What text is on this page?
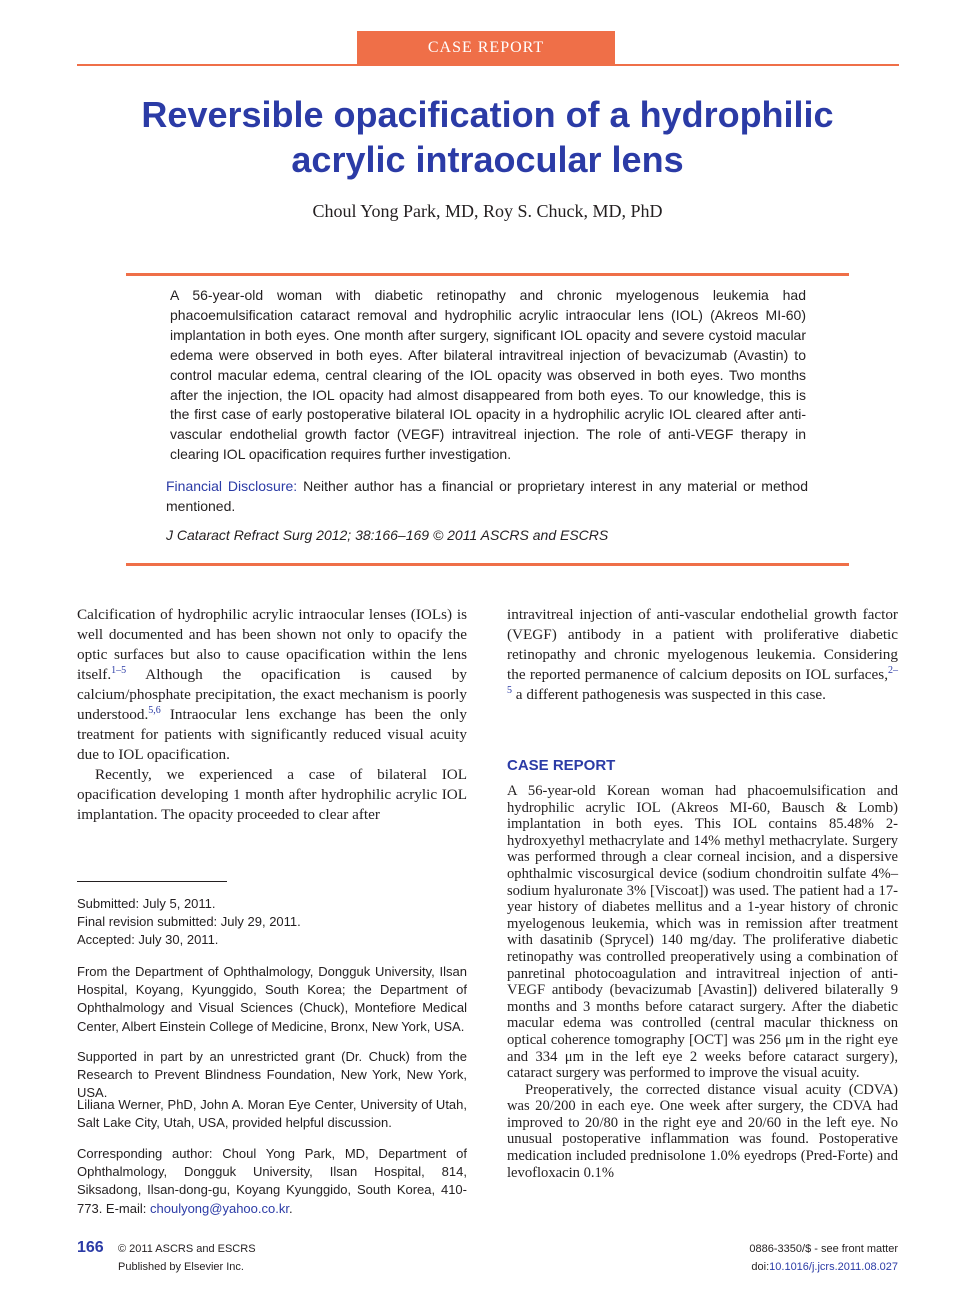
CASE REPORT
Reversible opacification of a hydrophilic acrylic intraocular lens
Choul Yong Park, MD, Roy S. Chuck, MD, PhD
A 56-year-old woman with diabetic retinopathy and chronic myelogenous leukemia had phacoemulsification cataract removal and hydrophilic acrylic intraocular lens (IOL) (Akreos MI-60) implantation in both eyes. One month after surgery, significant IOL opacity and severe cystoid macular edema were observed in both eyes. After bilateral intravitreal injection of bevacizumab (Avastin) to control macular edema, central clearing of the IOL opacity was observed in both eyes. Two months after the injection, the IOL opacity had almost disappeared from both eyes. To our knowledge, this is the first case of early postoperative bilateral IOL opacity in a hydrophilic acrylic IOL cleared after anti-vascular endothelial growth factor (VEGF) intravitreal injection. The role of anti-VEGF therapy in clearing IOL opacification requires further investigation.
Financial Disclosure: Neither author has a financial or proprietary interest in any material or method mentioned.
J Cataract Refract Surg 2012; 38:166–169 © 2011 ASCRS and ESCRS

Calcification of hydrophilic acrylic intraocular lenses (IOLs) is well documented and has been shown not only to opacify the optic surfaces but also to cause opacification within the lens itself.$^{1-5}$ Although the opacification is caused by calcium/phosphate precipitation, the exact mechanism is poorly understood.$^{5,6}$ Intraocular lens exchange has been the only treatment for patients with significantly reduced visual acuity due to IOL opacification.

Recently, we experienced a case of bilateral IOL opacification developing 1 month after hydrophilic acrylic IOL implantation. The opacity proceeded to clear after

Submitted: July 5, 2011.

Final revision submitted: July 29, 2011.

Accepted: July 30, 2011.

From the Department of Ophthalmology, Dongguk University, Ilsan Hospital, Koyang, Kyunggido, South Korea; the Department of Ophthalmology and Visual Sciences (Chuck), Montefiore Medical Center, Albert Einstein College of Medicine, Bronx, New York, USA.
Supported in part by an unrestricted grant (Dr. Chuck) from the Research to Prevent Blindness Foundation, New York, New York, USA.
Liliana Werner, PhD, John A. Moran Eye Center, University of Utah, Salt Lake City, Utah, USA, provided helpful discussion.
Corresponding author: Choul Yong Park, MD, Department of Ophthalmology, Dongguk University, Ilsan Hospital, 814, Siksadong, Ilsan-dong-gu, Koyang Kyunggido, South Korea, 410-773. E-mail: choulyong@yahoo.co.kr.

intravitreal injection of anti-vascular endothelial growth factor (VEGF) antibody in a patient with proliferative diabetic retinopathy and chronic myelogenous leukemia. Considering the reported permanence of calcium deposits on IOL surfaces,$^{2-5}$ a different pathogenesis was suspected in this case.

CASE REPORT

A 56-year-old Korean woman had phacoemulsification and hydrophilic acrylic IOL (Akreos MI-60, Bausch & Lomb) implantation in both eyes. This IOL contains 85.48% 2-hydroxyethyl methacrylate and 14% methyl methacrylate. Surgery was performed through a clear corneal incision, and a dispersive ophthalmic viscosurgical device (sodium chondroitin sulfate 4%–sodium hyaluronate 3% [Viscoat]) was used. The patient had a 17-year history of diabetes mellitus and a 1-year history of chronic myelogenous leukemia, which was in remission after treatment with dasatinib (Sprycel) 140 mg/day. The proliferative diabetic retinopathy was controlled preoperatively using a combination of panretinal photocoagulation and intravitreal injection of anti-VEGF antibody (bevacizumab [Avastin]) delivered bilaterally 9 months and 3 months before cataract surgery. After the diabetic macular edema was controlled (central macular thickness on optical coherence tomography [OCT] was 256 μm in the right eye and 334 μm in the left eye 2 weeks before cataract surgery), cataract surgery was performed to improve the visual acuity.

Preoperatively, the corrected distance visual acuity (CDVA) was 20/200 in each eye. One week after surgery, the CDVA had improved to 20/80 in the right eye and 20/60 in the left eye. No unusual postoperative inflammation was found. Postoperative medication included prednisolone 1.0% eyedrops (Pred-Forte) and levofloxacin 0.1%

166 © 2011 ASCRS and ESCRS
Published by Elsevier Inc.
0886-3350/$ - see front matter
doi:10.1016/j.jcrs.2011.08.027
